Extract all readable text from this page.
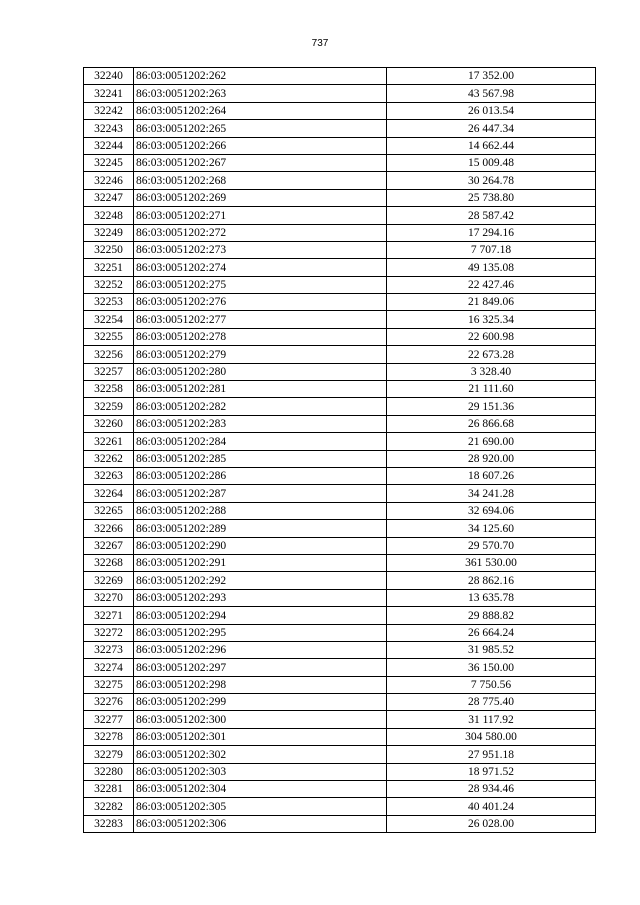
737
32240	86:03:0051202:262	17 352.00
32241	86:03:0051202:263	43 567.98
32242	86:03:0051202:264	26 013.54
32243	86:03:0051202:265	26 447.34
32244	86:03:0051202:266	14 662.44
32245	86:03:0051202:267	15 009.48
32246	86:03:0051202:268	30 264.78
32247	86:03:0051202:269	25 738.80
32248	86:03:0051202:271	28 587.42
32249	86:03:0051202:272	17 294.16
32250	86:03:0051202:273	7 707.18
32251	86:03:0051202:274	49 135.08
32252	86:03:0051202:275	22 427.46
32253	86:03:0051202:276	21 849.06
32254	86:03:0051202:277	16 325.34
32255	86:03:0051202:278	22 600.98
32256	86:03:0051202:279	22 673.28
32257	86:03:0051202:280	3 328.40
32258	86:03:0051202:281	21 111.60
32259	86:03:0051202:282	29 151.36
32260	86:03:0051202:283	26 866.68
32261	86:03:0051202:284	21 690.00
32262	86:03:0051202:285	28 920.00
32263	86:03:0051202:286	18 607.26
32264	86:03:0051202:287	34 241.28
32265	86:03:0051202:288	32 694.06
32266	86:03:0051202:289	34 125.60
32267	86:03:0051202:290	29 570.70
32268	86:03:0051202:291	361 530.00
32269	86:03:0051202:292	28 862.16
32270	86:03:0051202:293	13 635.78
32271	86:03:0051202:294	29 888.82
32272	86:03:0051202:295	26 664.24
32273	86:03:0051202:296	31 985.52
32274	86:03:0051202:297	36 150.00
32275	86:03:0051202:298	7 750.56
32276	86:03:0051202:299	28 775.40
32277	86:03:0051202:300	31 117.92
32278	86:03:0051202:301	304 580.00
32279	86:03:0051202:302	27 951.18
32280	86:03:0051202:303	18 971.52
32281	86:03:0051202:304	28 934.46
32282	86:03:0051202:305	40 401.24
32283	86:03:0051202:306	26 028.00
